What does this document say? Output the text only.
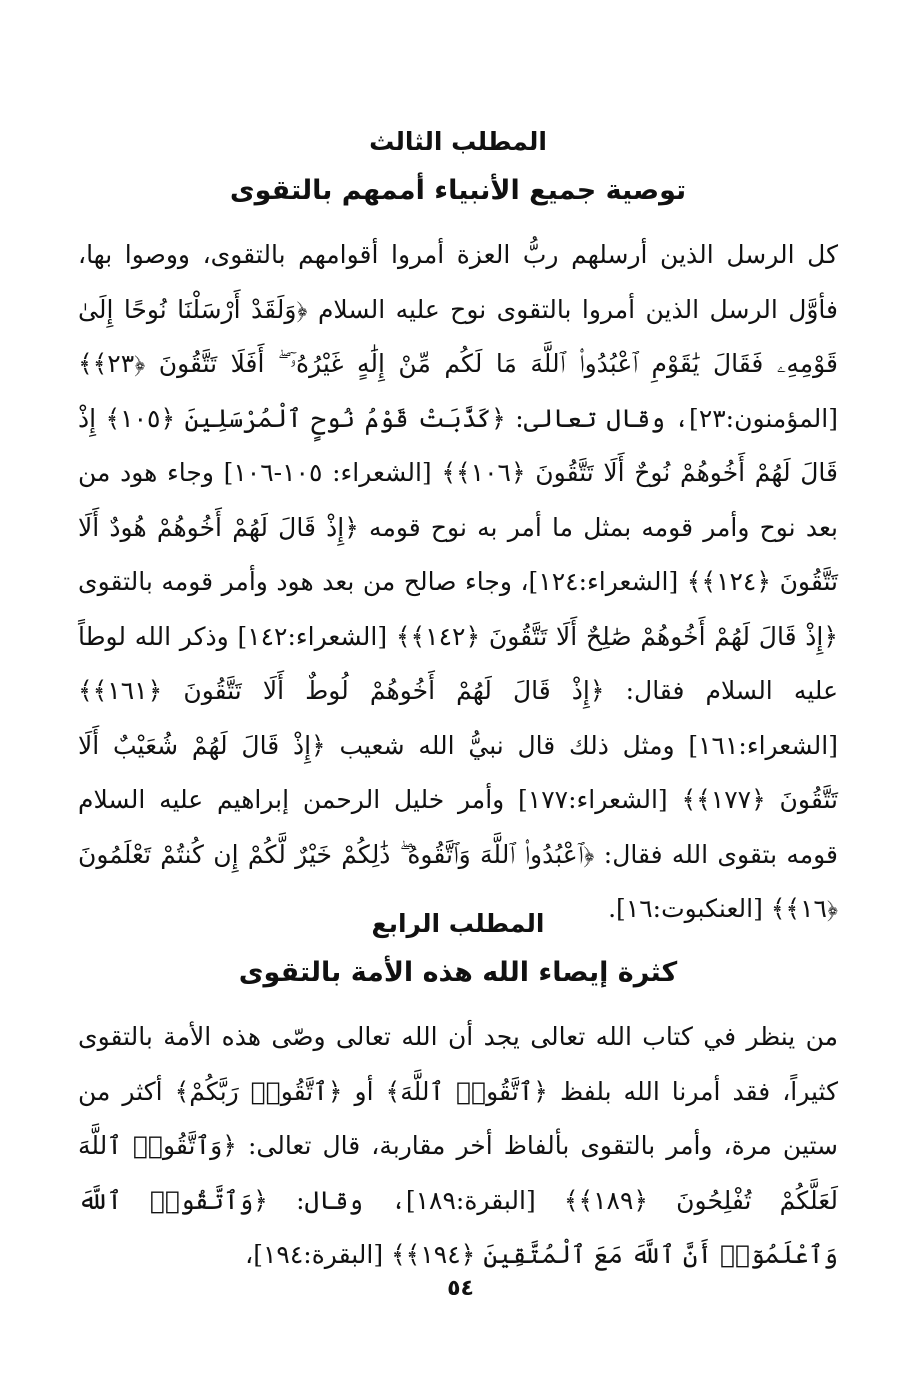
المطلب الثالث
توصية جميع الأنبياء أممهم بالتقوى

كل الرسل الذين أرسلهم ربُّ العزة أمروا أقوامهم بالتقوى، ووصوا بها، فأوَّل الرسل الذين أمروا بالتقوى نوح عليه السلام ﴿وَلَقَدْ أَرْسَلْنَا نُوحًا إِلَىٰ قَوْمِهِۦ فَقَالَ يَٰقَوْمِ ٱعْبُدُوا۟ ٱللَّهَ مَا لَكُم مِّنْ إِلَٰهٍ غَيْرُهُۥٓ ۖ أَفَلَا تَتَّقُونَ ﴿٢٣﴾﴾ [المؤمنون:٢٣]، وقال تعالى: ﴿كَذَّبَتْ قَوْمُ نُوحٍ ٱلْمُرْسَلِينَ ﴿١٠٥﴾ إِذْ قَالَ لَهُمْ أَخُوهُمْ نُوحٌ أَلَا تَتَّقُونَ ﴿١٠٦﴾﴾ [الشعراء: ١٠٥-١٠٦] وجاء هود من بعد نوح وأمر قومه بمثل ما أمر به نوح قومه ﴿إِذْ قَالَ لَهُمْ أَخُوهُمْ هُودٌ أَلَا تَتَّقُونَ ﴿١٢٤﴾﴾ [الشعراء:١٢٤]، وجاء صالح من بعد هود وأمر قومه بالتقوى ﴿إِذْ قَالَ لَهُمْ أَخُوهُمْ صَٰلِحٌ أَلَا تَتَّقُونَ ﴿١٤٢﴾﴾ [الشعراء:١٤٢] وذكر الله لوطاً عليه السلام فقال: ﴿إِذْ قَالَ لَهُمْ أَخُوهُمْ لُوطٌ أَلَا تَتَّقُونَ ﴿١٦١﴾﴾ [الشعراء:١٦١] ومثل ذلك قال نبيُّ الله شعيب ﴿إِذْ قَالَ لَهُمْ شُعَيْبٌ أَلَا تَتَّقُونَ ﴿١٧٧﴾﴾ [الشعراء:١٧٧] وأمر خليل الرحمن إبراهيم عليه السلام قومه بتقوى الله فقال: ﴿ٱعْبُدُوا۟ ٱللَّهَ وَٱتَّقُوهُ ۖ ذَٰلِكُمْ خَيْرٌ لَّكُمْ إِن كُنتُمْ تَعْلَمُونَ ﴿١٦﴾﴾ [العنكبوت:١٦].

المطلب الرابع
كثرة إيصاء الله هذه الأمة بالتقوى

من ينظر في كتاب الله تعالى يجد أن الله تعالى وصّى هذه الأمة بالتقوى كثيراً، فقد أمرنا الله بلفظ ﴿ٱتَّقُوا۟ ٱللَّهَ﴾ أو ﴿ٱتَّقُوا۟ رَبَّكُمْ﴾ أكثر من ستين مرة، وأمر بالتقوى بألفاظ أخر مقاربة، قال تعالى: ﴿وَٱتَّقُوا۟ ٱللَّهَ لَعَلَّكُمْ تُفْلِحُونَ ﴿١٨٩﴾﴾ [البقرة:١٨٩]، وقال: ﴿وَٱتَّقُوا۟ ٱللَّهَ وَٱعْلَمُوٓا۟ أَنَّ ٱللَّهَ مَعَ ٱلْمُتَّقِينَ ﴿١٩٤﴾﴾ [البقرة:١٩٤]،

٥٤
